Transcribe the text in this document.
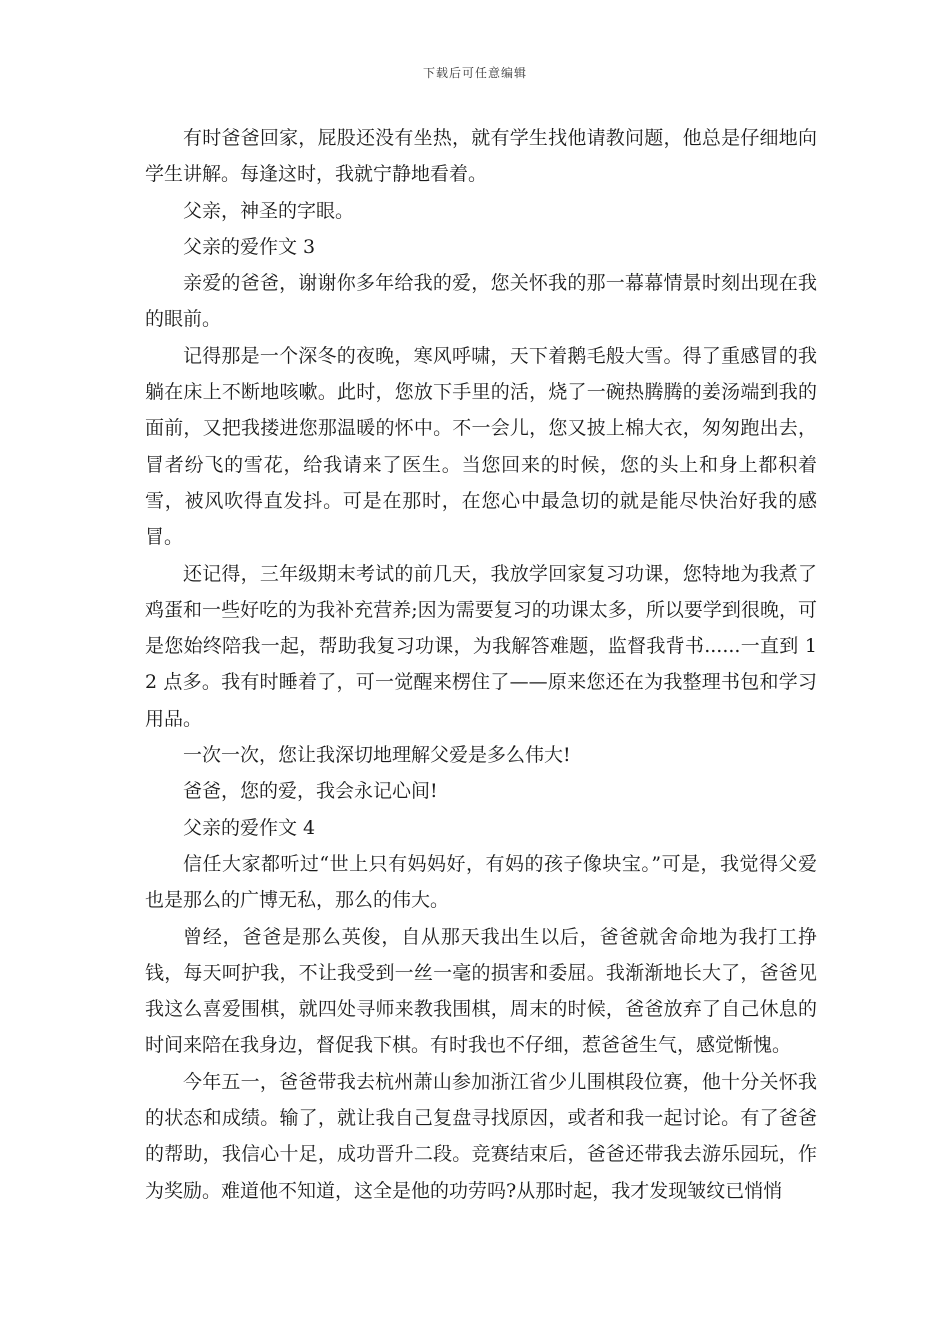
下载后可任意编辑

有时爸爸回家，屁股还没有坐热，就有学生找他请教问题，他总是仔细地向学生讲解。每逢这时，我就宁静地看着。

父亲，神圣的字眼。

父亲的爱作文 3

亲爱的爸爸，谢谢你多年给我的爱，您关怀我的那一幕幕情景时刻出现在我的眼前。

记得那是一个深冬的夜晚，寒风呼啸，天下着鹅毛般大雪。得了重感冒的我躺在床上不断地咳嗽。此时，您放下手里的活，烧了一碗热腾腾的姜汤端到我的面前，又把我搂进您那温暖的怀中。不一会儿，您又披上棉大衣，匆匆跑出去，冒者纷飞的雪花，给我请来了医生。当您回来的时候，您的头上和身上都积着雪，被风吹得直发抖。可是在那时，在您心中最急切的就是能尽快治好我的感冒。

还记得，三年级期末考试的前几天，我放学回家复习功课，您特地为我煮了鸡蛋和一些好吃的为我补充营养;因为需要复习的功课太多，所以要学到很晚，可是您始终陪我一起，帮助我复习功课，为我解答难题，监督我背书......一直到 12 点多。我有时睡着了，可一觉醒来楞住了——原来您还在为我整理书包和学习用品。

一次一次，您让我深切地理解父爱是多么伟大!

爸爸，您的爱，我会永记心间!

父亲的爱作文 4

信任大家都听过“世上只有妈妈好，有妈的孩子像块宝。”可是，我觉得父爱也是那么的广博无私，那么的伟大。

曾经，爸爸是那么英俊，自从那天我出生以后，爸爸就舍命地为我打工挣钱，每天呵护我，不让我受到一丝一毫的损害和委屈。我渐渐地长大了，爸爸见我这么喜爱围棋，就四处寻师来教我围棋，周末的时候，爸爸放弃了自己休息的时间来陪在我身边，督促我下棋。有时我也不仔细，惹爸爸生气，感觉惭愧。

今年五一，爸爸带我去杭州萧山参加浙江省少儿围棋段位赛，他十分关怀我的状态和成绩。输了，就让我自己复盘寻找原因，或者和我一起讨论。有了爸爸的帮助，我信心十足，成功晋升二段。竞赛结束后，爸爸还带我去游乐园玩，作为奖励。难道他不知道，这全是他的功劳吗?从那时起，我才发现皱纹已悄悄
